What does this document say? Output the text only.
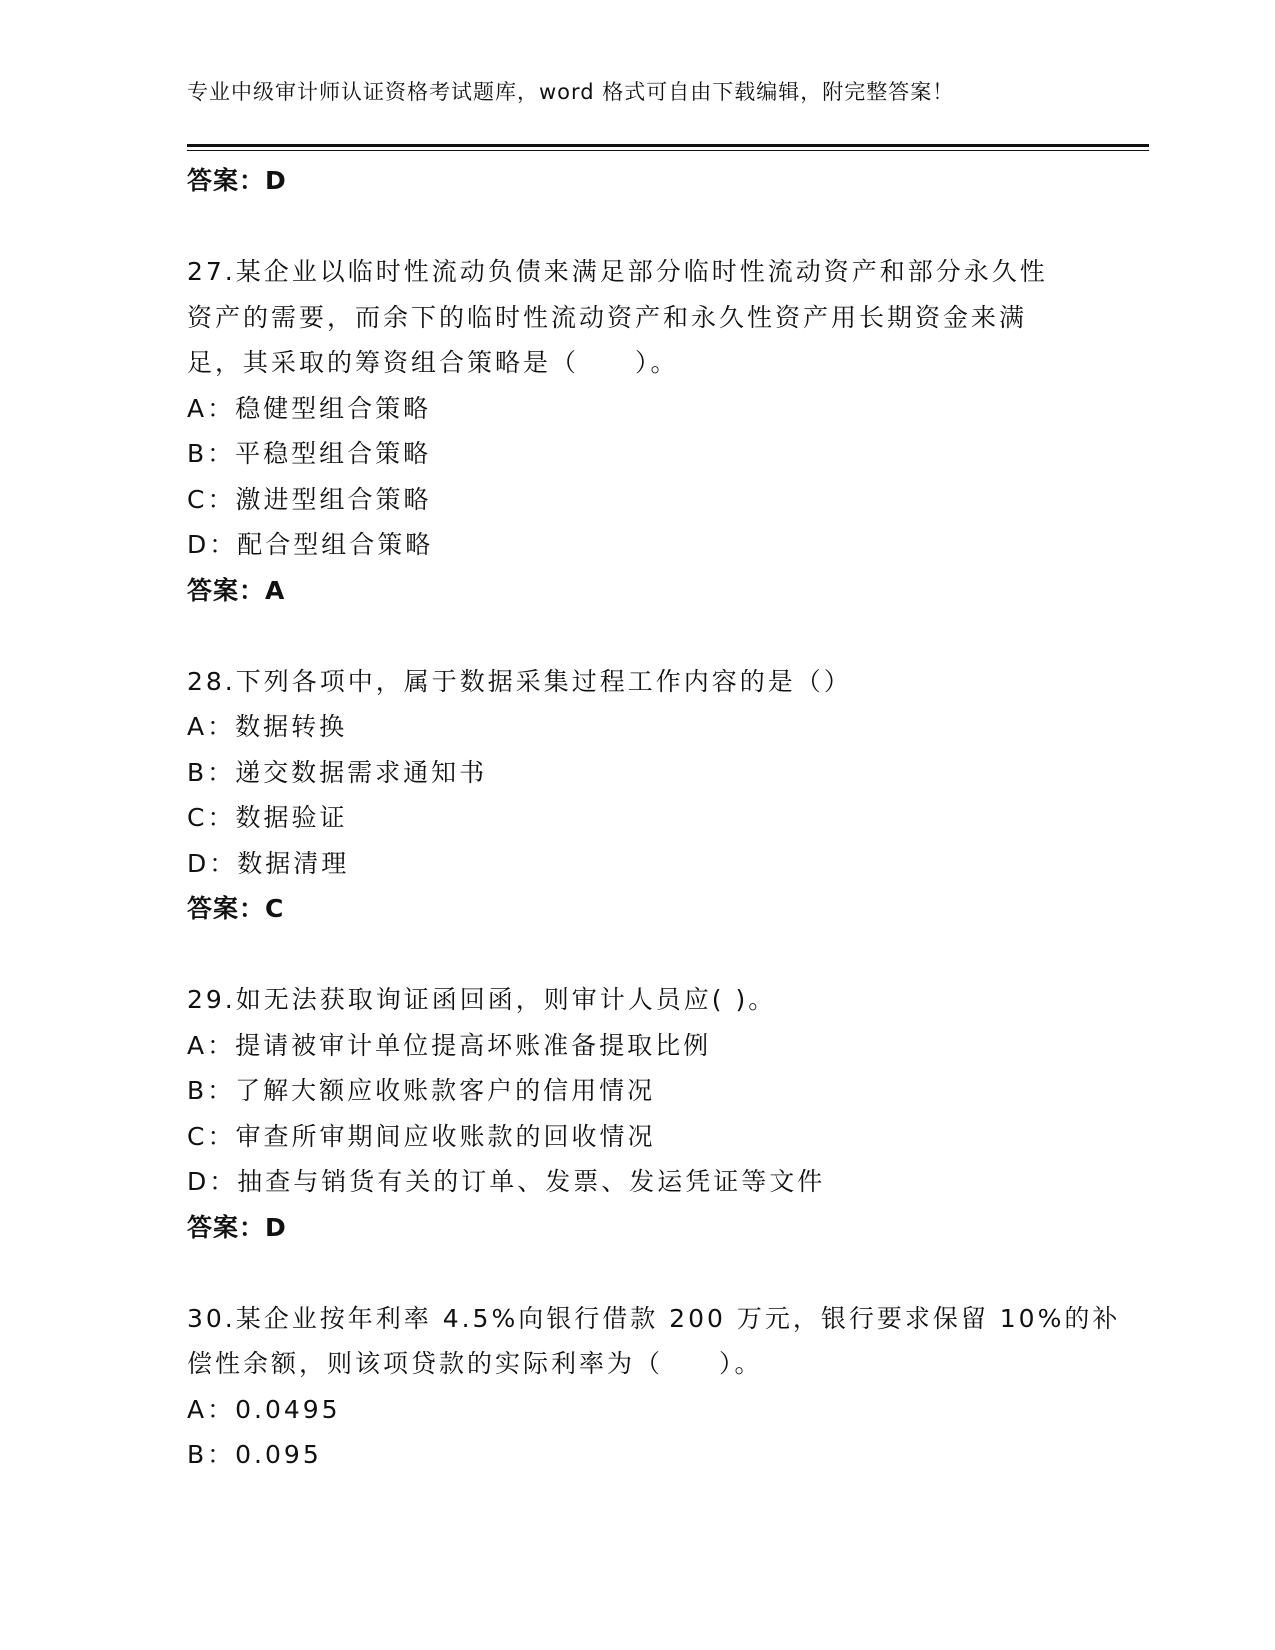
专业中级审计师认证资格考试题库，word 格式可自由下载编辑，附完整答案！
答案：D
27.某企业以临时性流动负债来满足部分临时性流动资产和部分永久性
资产的需要，而余下的临时性流动资产和永久性资产用长期资金来满
足，其采取的筹资组合策略是（　　）。
A：稳健型组合策略
B：平稳型组合策略
C：激进型组合策略
D：配合型组合策略
答案：A
28.下列各项中，属于数据采集过程工作内容的是（）
A：数据转换
B：递交数据需求通知书
C：数据验证
D：数据清理
答案：C
29.如无法获取询证函回函，则审计人员应( )。
A：提请被审计单位提高坏账准备提取比例
B：了解大额应收账款客户的信用情况
C：审查所审期间应收账款的回收情况
D：抽查与销货有关的订单、发票、发运凭证等文件
答案：D
30.某企业按年利率 4.5%向银行借款 200 万元，银行要求保留 10%的补
偿性余额，则该项贷款的实际利率为（　　）。
A：0.0495
B：0.095
